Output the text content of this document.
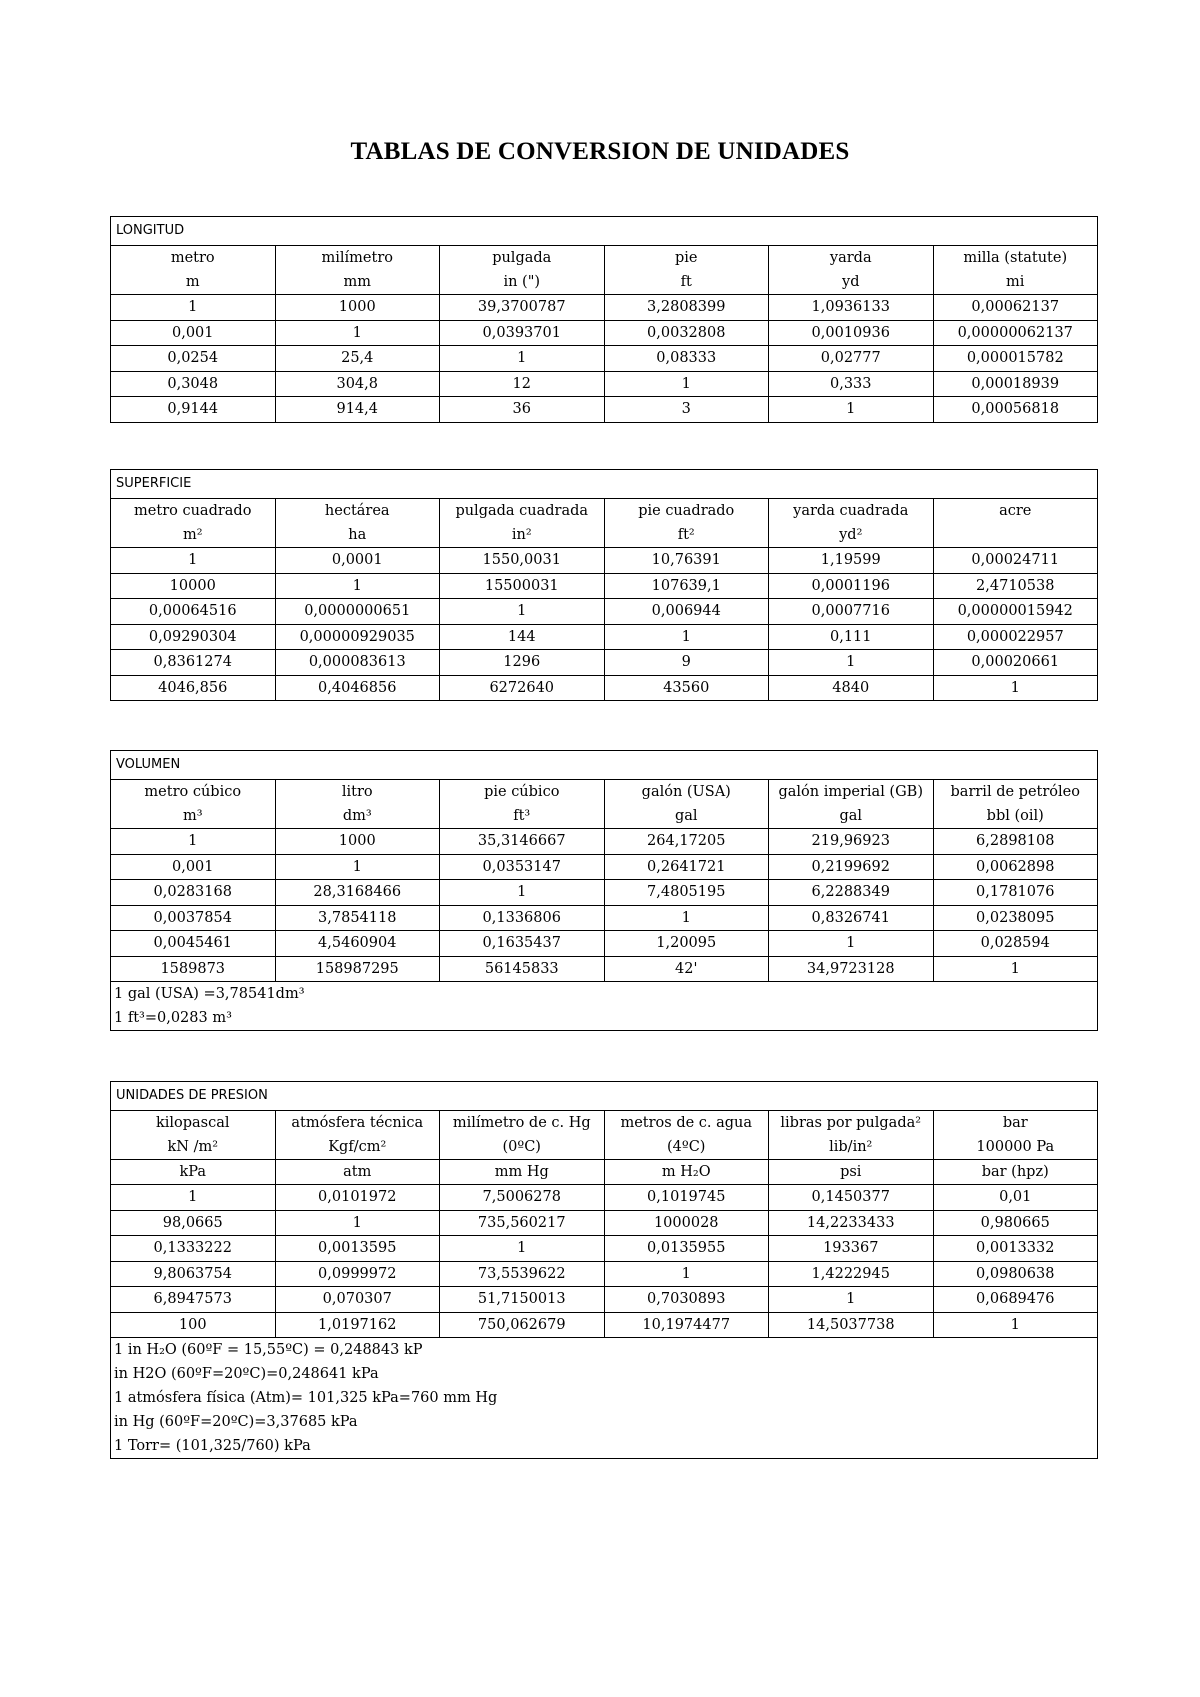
TABLAS DE CONVERSION DE UNIDADES
LONGITUD					
metro	milímetro	pulgada	pie	yarda	milla (statute)
m	mm	in (")	ft	yd	mi
1	1000	39,3700787	3,2808399	1,0936133	0,00062137
0,001	1	0,0393701	0,0032808	0,0010936	0,00000062137
0,0254	25,4	1	0,08333	0,02777	0,000015782
0,3048	304,8	12	1	0,333	0,00018939
0,9144	914,4	36	3	1	0,00056818
SUPERFICIE					
metro cuadrado	hectárea	pulgada cuadrada	pie cuadrado	yarda cuadrada	acre
m²	ha	in²	ft²	yd²	
1	0,0001	1550,0031	10,76391	1,19599	0,00024711
10000	1	15500031	107639,1	0,0001196	2,4710538
0,00064516	0,0000000651	1	0,006944	0,0007716	0,00000015942
0,09290304	0,00000929035	144	1	0,111	0,000022957
0,8361274	0,000083613	1296	9	1	0,00020661
4046,856	0,4046856	6272640	43560	4840	1
VOLUMEN					
metro cúbico	litro	pie cúbico	galón (USA)	galón imperial (GB)	barril de petróleo
m³	dm³	ft³	gal	gal	bbl (oil)
1	1000	35,3146667	264,17205	219,96923	6,2898108
0,001	1	0,0353147	0,2641721	0,2199692	0,0062898
0,0283168	28,3168466	1	7,4805195	6,2288349	0,1781076
0,0037854	3,7854118	0,1336806	1	0,8326741	0,0238095
0,0045461	4,5460904	0,1635437	1,20095	1	0,028594
1589873	158987295	56145833	42'	34,9723128	1
1 gal (USA) =3,78541dm³					
1 ft³=0,0283 m³					
UNIDADES DE PRESION					
kilopascal	atmósfera técnica	milímetro de c. Hg	metros de c. agua	libras por pulgada²	bar
kN /m²	Kgf/cm²	(0ºC)	(4ºC)	lib/in²	100000 Pa
kPa	atm	mm Hg	m H₂O	psi	bar (hpz)
1	0,0101972	7,5006278	0,1019745	0,1450377	0,01
98,0665	1	735,560217	1000028	14,2233433	0,980665
0,1333222	0,0013595	1	0,0135955	193367	0,0013332
9,8063754	0,0999972	73,5539622	1	1,4222945	0,0980638
6,8947573	0,070307	51,7150013	0,7030893	1	0,0689476
100	1,0197162	750,062679	10,1974477	14,5037738	1
1 in H₂O (60ºF = 15,55ºC) = 0,248843 kP					
in H2O (60ºF=20ºC)=0,248641 kPa					
1 atmósfera física (Atm)= 101,325 kPa=760 mm Hg					
in Hg (60ºF=20ºC)=3,37685 kPa					
1 Torr= (101,325/760) kPa					
